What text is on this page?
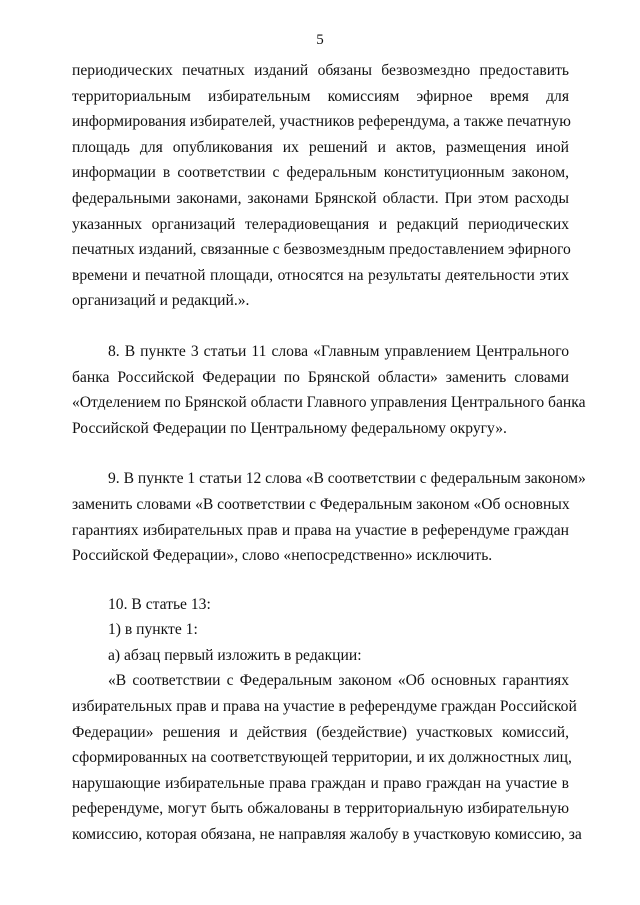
5

периодических печатных изданий обязаны безвозмездно предоставить
территориальным избирательным комиссиям эфирное время для
информирования избирателей, участников референдума, а также печатную
площадь для опубликования их решений и актов, размещения иной
информации в соответствии с федеральным конституционным законом,
федеральными законами, законами Брянской области. При этом расходы
указанных организаций телерадиовещания и редакций периодических
печатных изданий, связанные с безвозмездным предоставлением эфирного
времени и печатной площади, относятся на результаты деятельности этих
организаций и редакций.».

8. В пункте 3 статьи 11 слова «Главным управлением Центрального
банка Российской Федерации по Брянской области» заменить словами
«Отделением по Брянской области Главного управления Центрального банка
Российской Федерации по Центральному федеральному округу».

9. В пункте 1 статьи 12 слова «В соответствии с федеральным законом»
заменить словами «В соответствии с Федеральным законом «Об основных
гарантиях избирательных прав и права на участие в референдуме граждан
Российской Федерации», слово «непосредственно» исключить.

10. В статье 13:

1) в пункте 1:

а) абзац первый изложить в редакции:

«В соответствии с Федеральным законом «Об основных гарантиях
избирательных прав и права на участие в референдуме граждан Российской
Федерации» решения и действия (бездействие) участковых комиссий,
сформированных на соответствующей территории, и их должностных лиц,
нарушающие избирательные права граждан и право граждан на участие в
референдуме, могут быть обжалованы в территориальную избирательную
комиссию, которая обязана, не направляя жалобу в участковую комиссию, за
